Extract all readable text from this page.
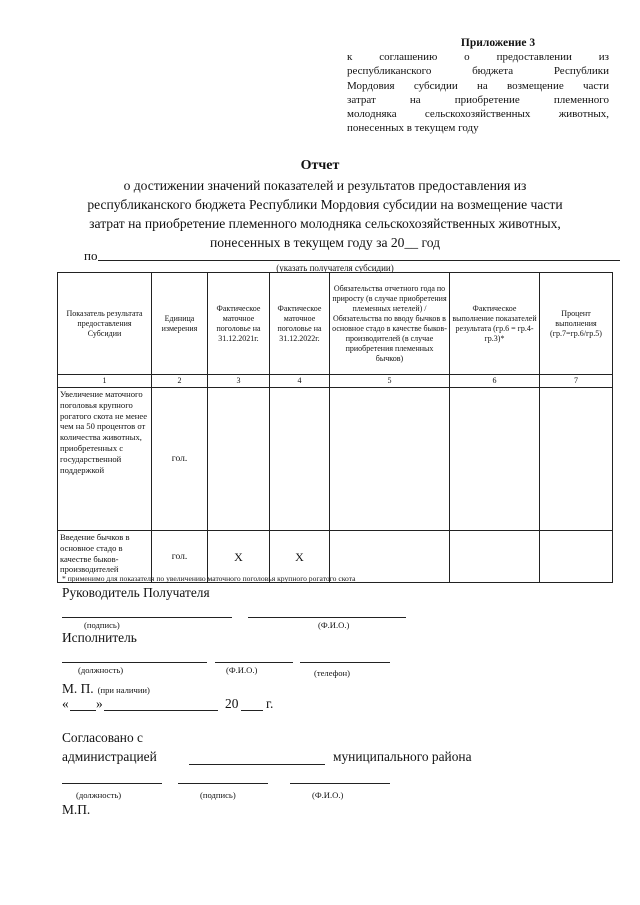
Приложение 3
к соглашению о предоставлении из
республиканского бюджета Республики
Мордовия субсидии на возмещение части
затрат на приобретение племенного
молодняка сельскохозяйственных животных,
понесенных в текущем году
Отчет
о достижении значений показателей и результатов предоставления из
республиканского бюджета Республики Мордовия субсидии на возмещение части
затрат на приобретение племенного молодняка сельскохозяйственных животных,
понесенных в текущем году за 20__ год
по
(указать получателя субсидии)
Показатель результата предоставления Субсидии	Единица измерения	Фактическое маточное поголовье на 31.12.2021г.	Фактическое маточное поголовье на 31.12.2022г.	Обязательства отчетного года по приросту (в случае приобретения племенных нетелей) / Обязательства по вводу бычков в основное стадо в качестве быков- производителей (в случае приобретения племенных бычков)	Фактическое выполнение показателей результата (гр.6 = гр.4-гр.3)*	Процент выполнения (гр.7=гр.6/гр.5)
1	2	3	4	5	6	7
Увеличение маточного поголовья крупного рогатого скота не менее чем на 50 процентов от количества животных, приобретенных с государственной поддержкой	гол.					
Введение бычков в основное стадо в качестве быков-производителей	гол.	Х	Х			
* применимо для показателя по увеличению маточного поголовья крупного рогатого скота
Руководитель Получателя
(подпись)	(Ф.И.О.)
Исполнитель
(должность)	(Ф.И.О.)	(телефон)
М. П. (при наличии)
« »	20 г.
Согласовано с
администрацией	муниципального района
(должность)	(подпись)	(Ф.И.О.)
М.П.
